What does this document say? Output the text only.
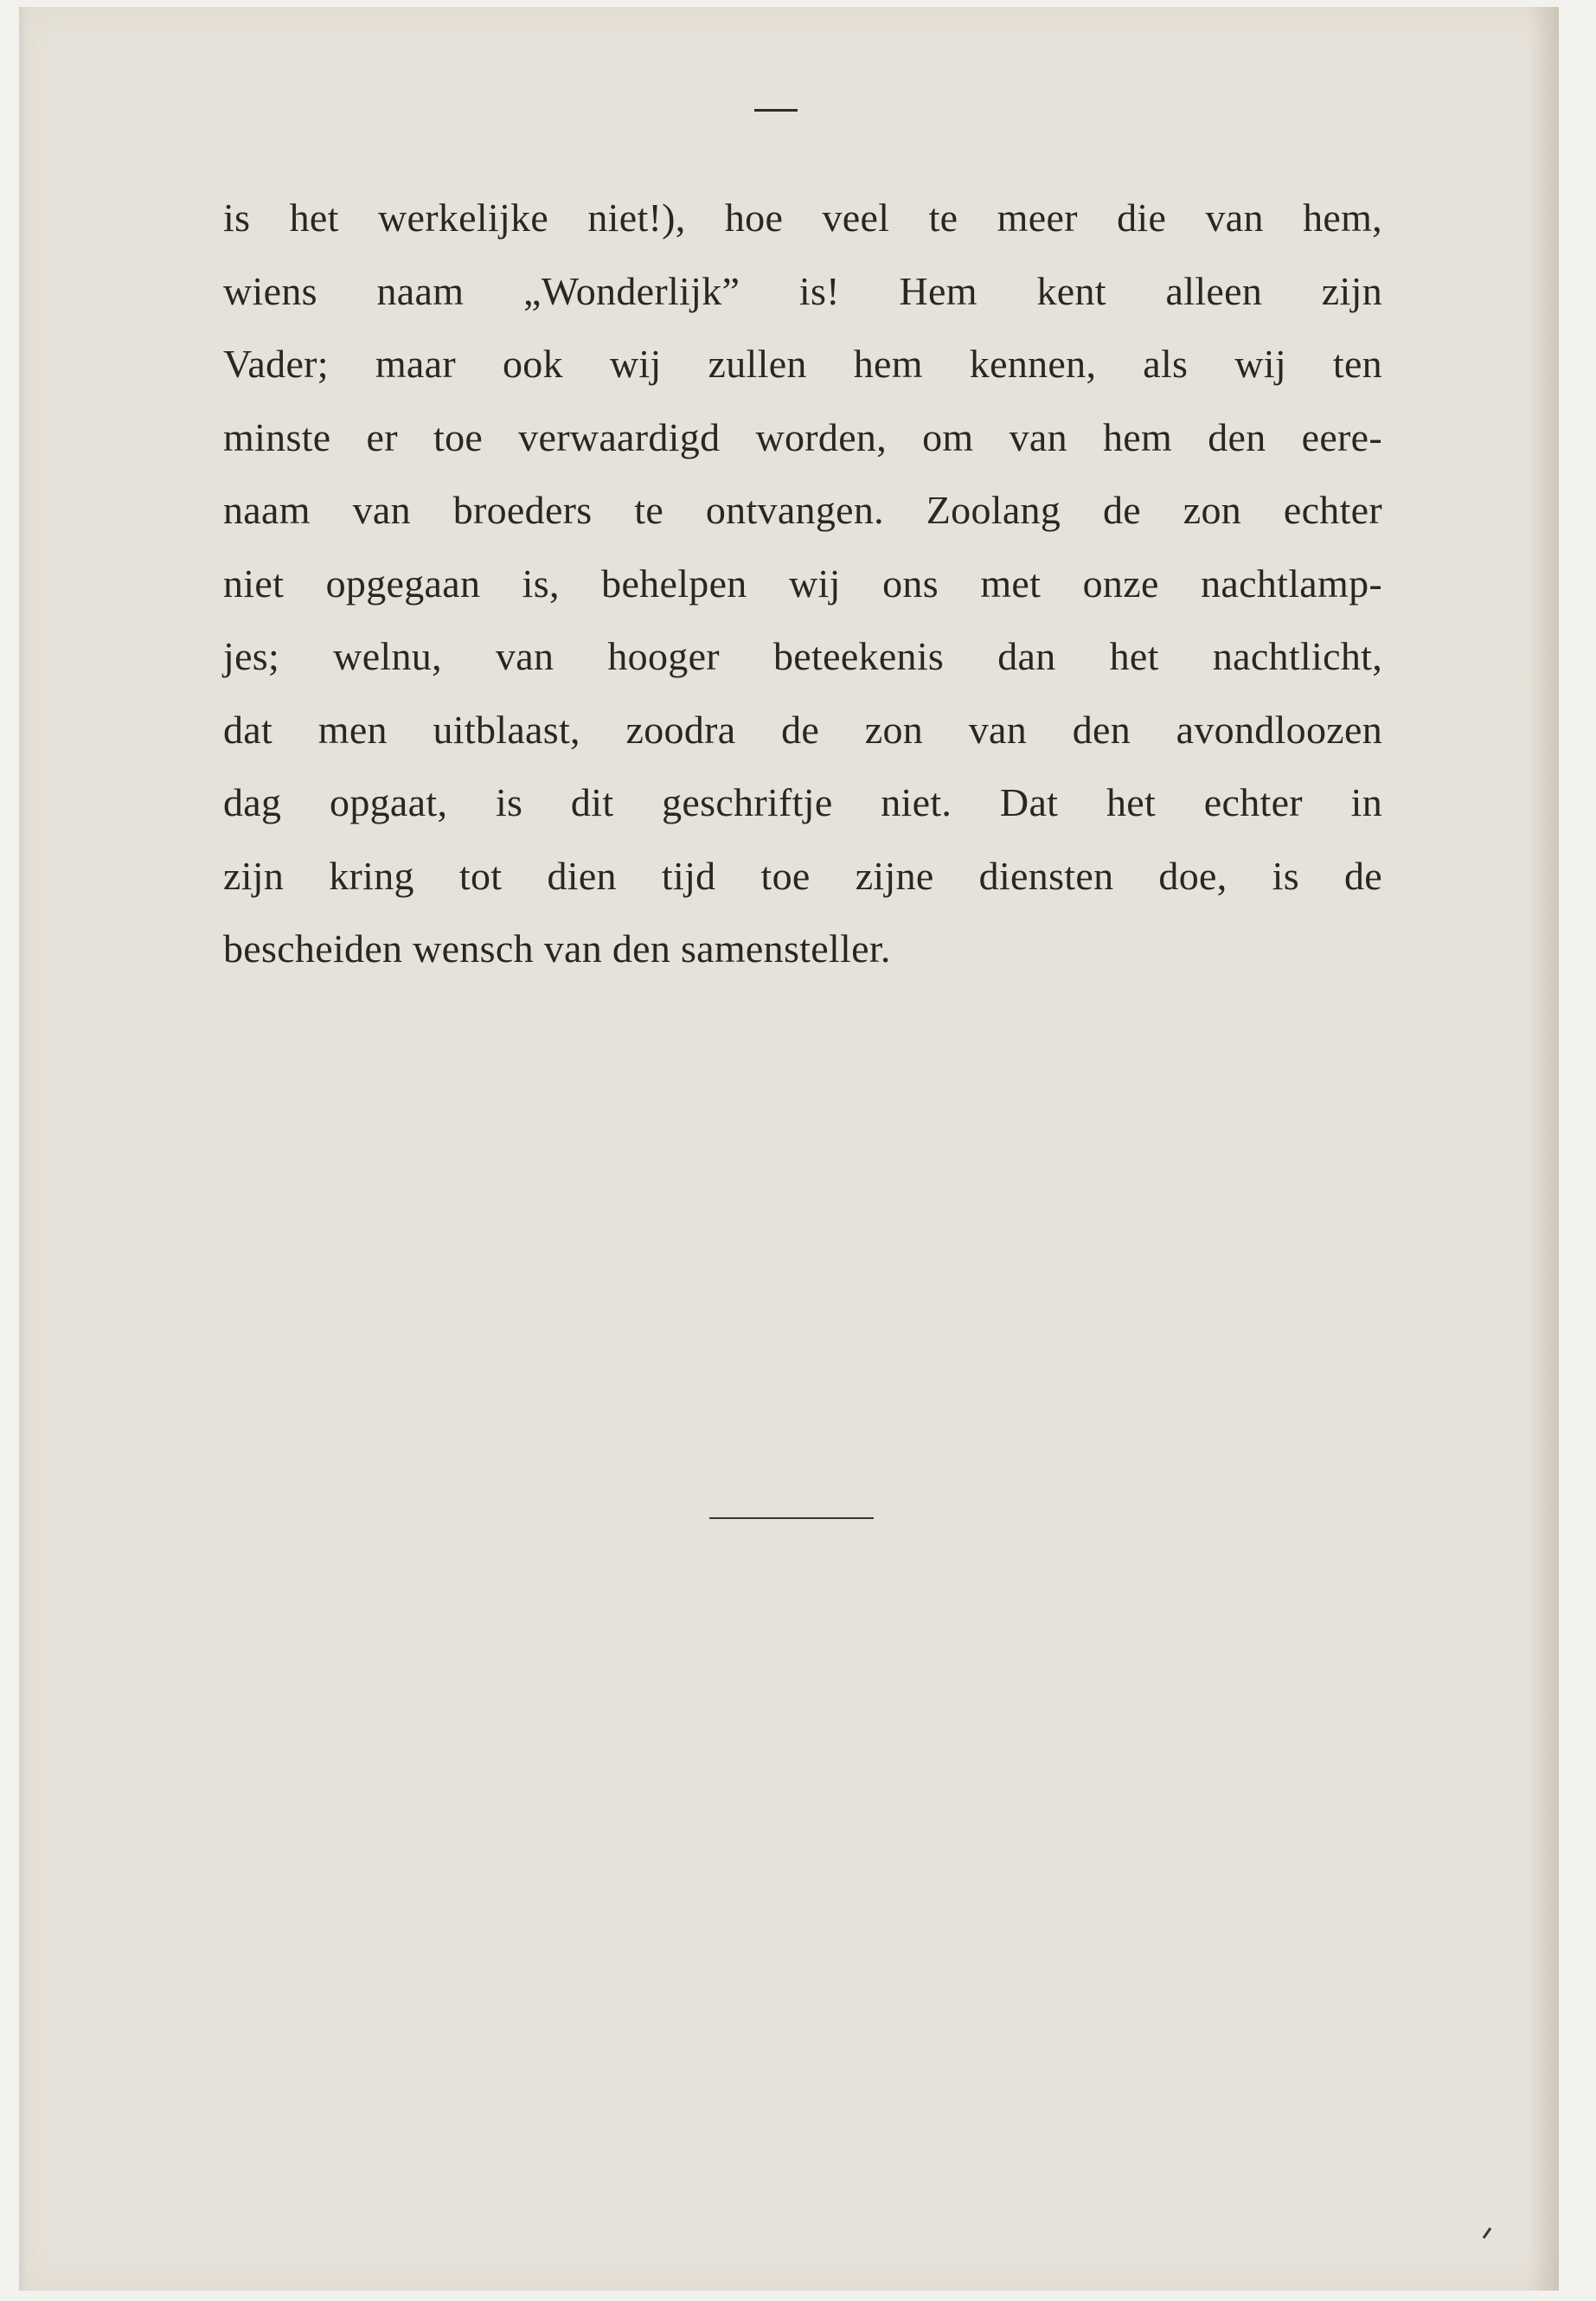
is het werkelijke niet!), hoe veel te meer die van hem,
wiens naam „Wonderlijk” is! Hem kent alleen zijn
Vader; maar ook wij zullen hem kennen, als wij ten
minste er toe verwaardigd worden, om van hem den eere-
naam van broeders te ontvangen. Zoolang de zon echter
niet opgegaan is, behelpen wij ons met onze nachtlamp-
jes; welnu, van hooger beteekenis dan het nachtlicht,
dat men uitblaast, zoodra de zon van den avondloozen
dag opgaat, is dit geschriftje niet. Dat het echter in
zijn kring tot dien tijd toe zijne diensten doe, is de
bescheiden wensch van den samensteller.
